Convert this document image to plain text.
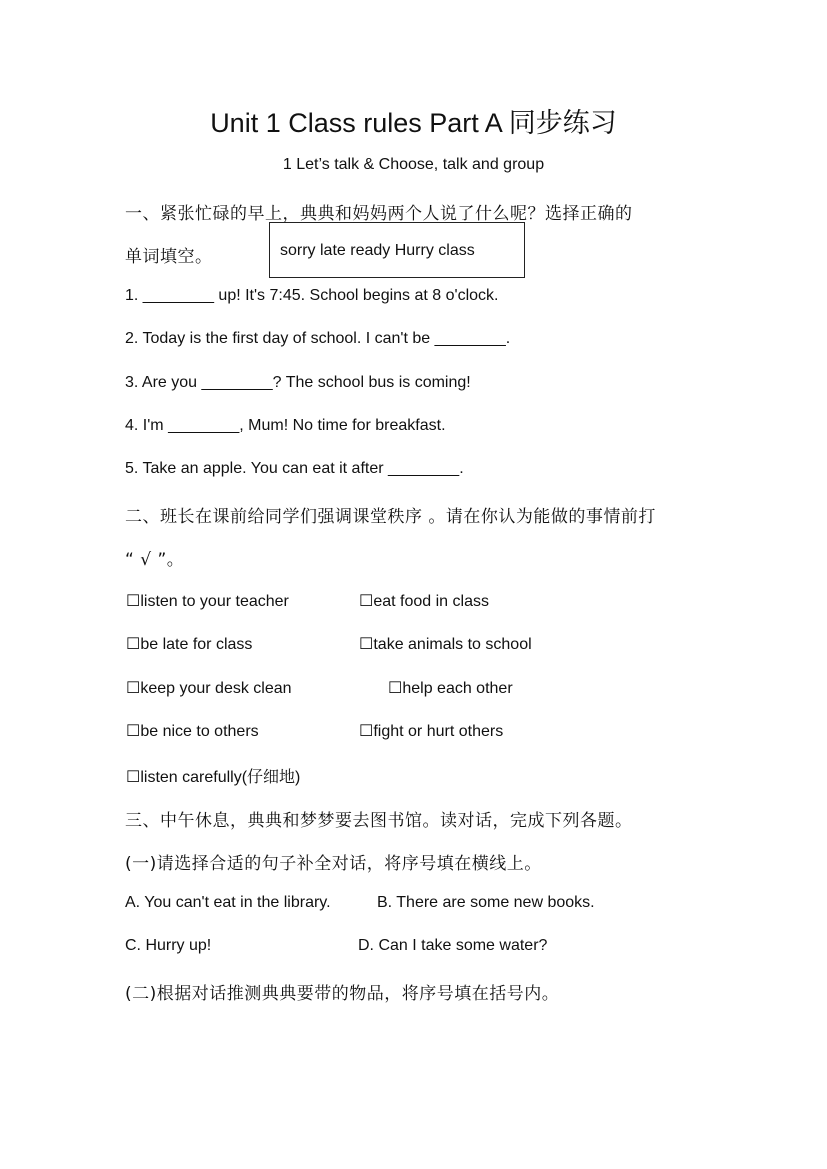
Unit 1 Class rules Part A 同步练习
1 Let’s talk & Choose, talk and group
一、紧张忙碌的早上，典典和妈妈两个人说了什么呢？选择正确的
单词填空。	sorry late ready Hurry class
1. ________ up! It's 7:45. School begins at 8 o'clock.
2. Today is the first day of school. I can't be ________.
3. Are you ________? The school bus is coming!
4. I'm ________, Mum! No time for breakfast.
5. Take an apple. You can eat it after ________.
二、班长在课前给同学们强调课堂秩序 。请在你认为能做的事情前打
“ √ ”。
☐listen to your teacher	☐eat food in class
☐be late for class	☐take animals to school
☐keep your desk clean	☐help each other
☐be nice to others	☐fight or hurt others
☐listen carefully(仔细地)
三、中午休息，典典和梦梦要去图书馆。读对话，完成下列各题。
(一)请选择合适的句子补全对话，将序号填在横线上。
A. You can't eat in the library.	B. There are some new books.
C. Hurry up!	D. Can I take some water?
(二)根据对话推测典典要带的物品，将序号填在括号内。
